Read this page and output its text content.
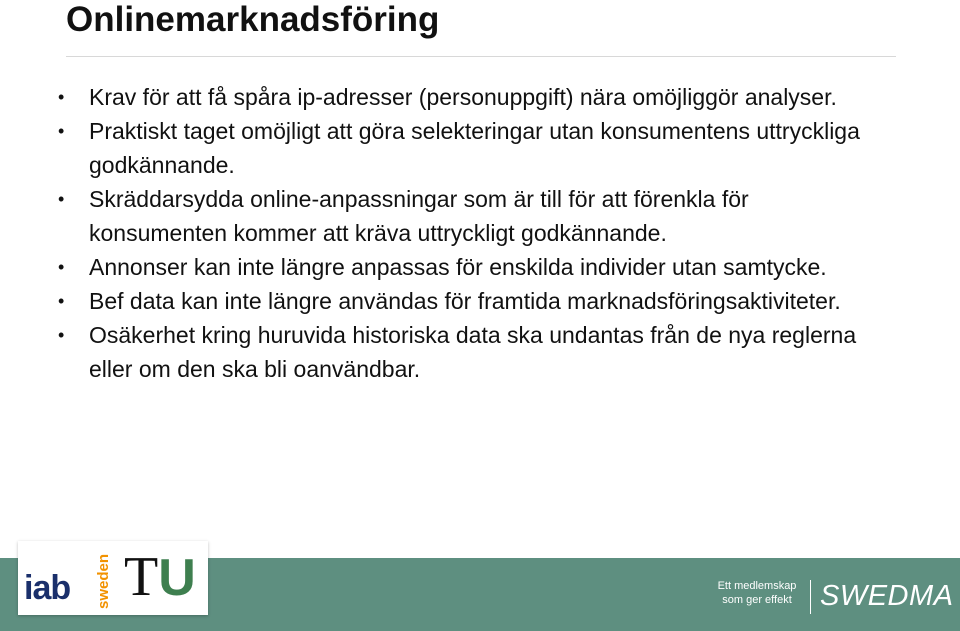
Onlinemarknadsföring
• Krav för att få spåra ip-adresser (personuppgift) nära omöjliggör analyser.
• Praktiskt taget omöjligt att göra selekteringar utan konsumentens uttryckliga godkännande.
• Skräddarsydda online-anpassningar som är till för att förenkla för konsumenten kommer att kräva uttryckligt godkännande.
• Annonser kan inte längre anpassas för enskilda individer utan samtycke.
• Bef data kan inte längre användas för framtida marknadsföringsaktiviteter.
• Osäkerhet kring huruvida historiska data ska undantas från de nya reglerna eller om den ska bli oanvändbar.
iab sweden TU	Ett medlemskap
som ger effekt SWEDMA
